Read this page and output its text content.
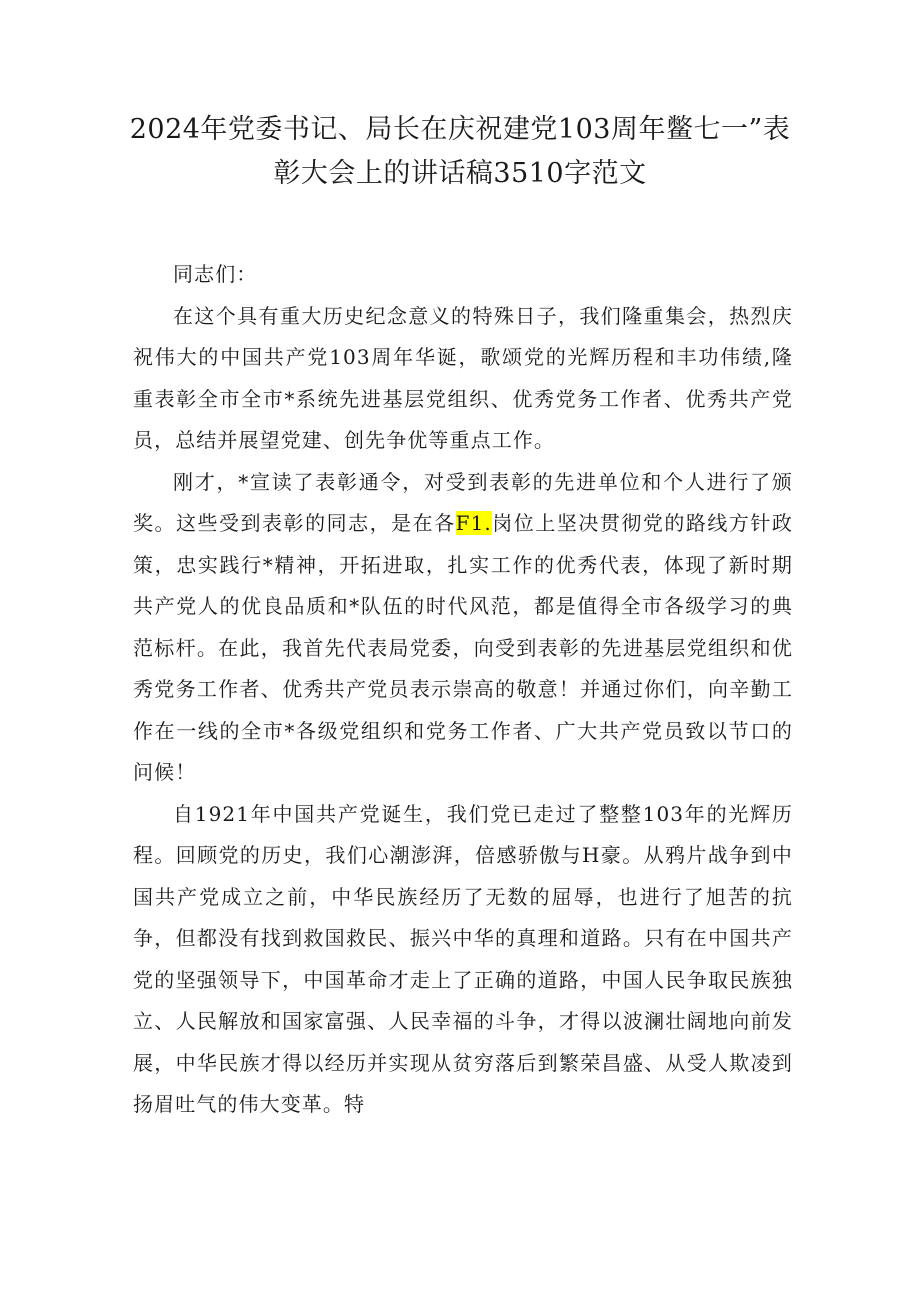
2024年党委书记、局长在庆祝建党103周年鳖七一”表
彰大会上的讲话稿3510字范文

同志们：

在这个具有重大历史纪念意义的特殊日子，我们隆重集会，热烈庆祝伟大的中国共产党103周年华诞，歌颂党的光辉历程和丰功伟绩,隆重表彰全市全市*系统先进基层党组织、优秀党务工作者、优秀共产党员，总结并展望党建、创先争优等重点工作。

刚才，*宣读了表彰通令，对受到表彰的先进单位和个人进行了颁奖。这些受到表彰的同志，是在各F1.岗位上坚决贯彻党的路线方针政策，忠实践行*精神，开拓进取，扎实工作的优秀代表，体现了新时期共产党人的优良品质和*队伍的时代风范，都是值得全市各级学习的典范标杆。在此，我首先代表局党委，向受到表彰的先进基层党组织和优秀党务工作者、优秀共产党员表示崇高的敬意！并通过你们，向辛勤工作在一线的全市*各级党组织和党务工作者、广大共产党员致以节口的问候！

自1921年中国共产党诞生，我们党已走过了整整103年的光辉历程。回顾党的历史，我们心潮澎湃，倍感骄傲与H豪。从鸦片战争到中国共产党成立之前，中华民族经历了无数的屈辱，也进行了旭苦的抗争，但都没有找到救国救民、振兴中华的真理和道路。只有在中国共产党的坚强领导下，中国革命才走上了正确的道路，中国人民争取民族独立、人民解放和国家富强、人民幸福的斗争，才得以波澜壮阔地向前发展，中华民族才得以经历并实现从贫穷落后到繁荣昌盛、从受人欺凌到扬眉吐气的伟大变革。特
